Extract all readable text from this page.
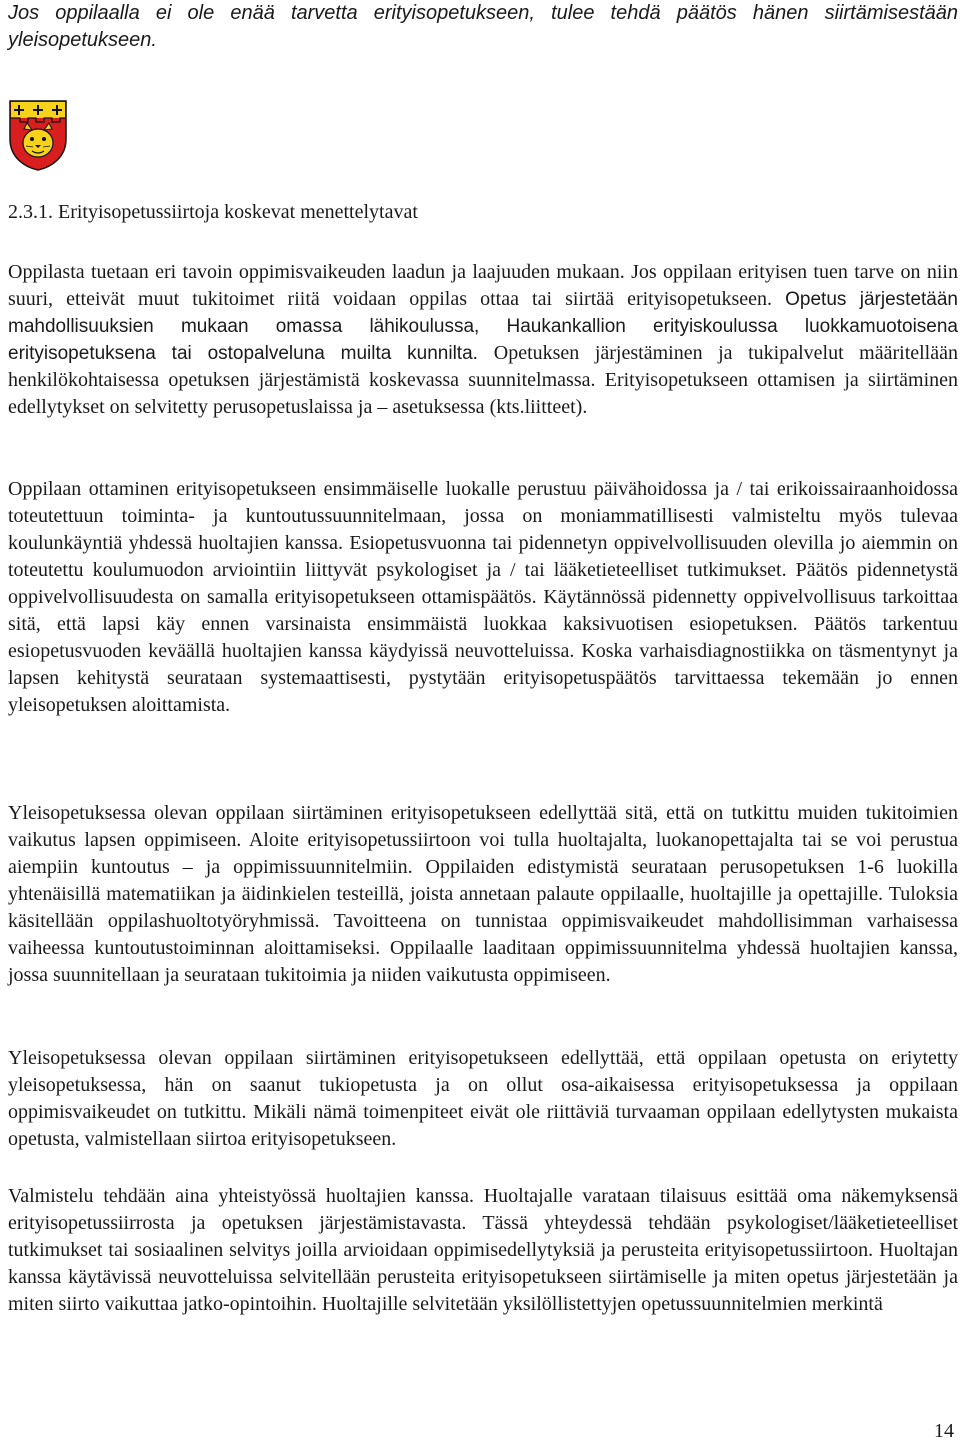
Jos oppilaalla ei ole enää tarvetta erityisopetukseen, tulee tehdä päätös hänen siirtämisestään yleisopetukseen.

2.3.1. Erityisopetussiirtoja koskevat menettelytavat

Oppilasta tuetaan eri tavoin oppimisvaikeuden laadun ja laajuuden mukaan. Jos oppilaan erityisen tuen tarve on niin suuri, etteivät muut tukitoimet riitä voidaan oppilas ottaa tai siirtää erityisopetukseen. Opetus järjestetään mahdollisuuksien mukaan omassa lähikoulussa, Haukankallion erityiskoulussa luokkamuotoisena erityisopetuksena tai ostopalveluna muilta kunnilta. Opetuksen järjestäminen ja tukipalvelut määritellään henkilökohtaisessa opetuksen järjestämistä koskevassa suunnitelmassa. Erityisopetukseen ottamisen ja siirtäminen edellytykset on selvitetty perusopetuslaissa ja – asetuksessa (kts.liitteet).

Oppilaan ottaminen erityisopetukseen ensimmäiselle luokalle perustuu päivähoidossa ja / tai erikoissairaanhoidossa toteutettuun toiminta- ja kuntoutussuunnitelmaan, jossa on moniammatillisesti valmisteltu myös tulevaa koulunkäyntiä yhdessä huoltajien kanssa. Esiopetusvuonna tai pidennetyn oppivelvollisuuden olevilla jo aiemmin on toteutettu koulumuodon arviointiin liittyvät psykologiset ja / tai lääketieteelliset tutkimukset. Päätös pidennetystä oppivelvollisuudesta on samalla erityisopetukseen ottamispäätös. Käytännössä pidennetty oppivelvollisuus tarkoittaa sitä, että lapsi käy ennen varsinaista ensimmäistä luokkaa kaksivuotisen esiopetuksen. Päätös tarkentuu esiopetusvuoden keväällä huoltajien kanssa käydyissä neuvotteluissa. Koska varhaisdiagnostiikka on täsmentynyt ja lapsen kehitystä seurataan systemaattisesti, pystytään erityisopetuspäätös tarvittaessa tekemään jo ennen yleisopetuksen aloittamista.

Yleisopetuksessa olevan oppilaan siirtäminen erityisopetukseen edellyttää sitä, että on tutkittu muiden tukitoimien vaikutus lapsen oppimiseen. Aloite erityisopetussiirtoon voi tulla huoltajalta, luokanopettajalta tai se voi perustua aiempiin kuntoutus – ja oppimissuunnitelmiin. Oppilaiden edistymistä seurataan perusopetuksen 1-6 luokilla yhtenäisillä matematiikan ja äidinkielen testeillä, joista annetaan palaute oppilaalle, huoltajille ja opettajille. Tuloksia käsitellään oppilashuoltotyöryhmissä. Tavoitteena on tunnistaa oppimisvaikeudet mahdollisimman varhaisessa vaiheessa kuntoutustoiminnan aloittamiseksi. Oppilaalle laaditaan oppimissuunnitelma yhdessä huoltajien kanssa, jossa suunnitellaan ja seurataan tukitoimia ja niiden vaikutusta oppimiseen.

Yleisopetuksessa olevan oppilaan siirtäminen erityisopetukseen edellyttää, että oppilaan opetusta on eriytetty yleisopetuksessa, hän on saanut tukiopetusta ja on ollut osa-aikaisessa erityisopetuksessa ja oppilaan oppimisvaikeudet on tutkittu. Mikäli nämä toimenpiteet eivät ole riittäviä turvaaman oppilaan edellytysten mukaista opetusta, valmistellaan siirtoa erityisopetukseen.

Valmistelu tehdään aina yhteistyössä huoltajien kanssa. Huoltajalle varataan tilaisuus esittää oma näkemyksensä erityisopetussiirrosta ja opetuksen järjestämistavasta. Tässä yhteydessä tehdään psykologiset/lääketieteelliset tutkimukset tai sosiaalinen selvitys joilla arvioidaan oppimisedellytyksiä ja perusteita erityisopetussiirtoon. Huoltajan kanssa käytävissä neuvotteluissa selvitellään perusteita erityisopetukseen siirtämiselle ja miten opetus järjestetään ja miten siirto vaikuttaa jatko-opintoihin. Huoltajille selvitetään yksilöllistettyjen opetussuunnitelmien merkintä

14
